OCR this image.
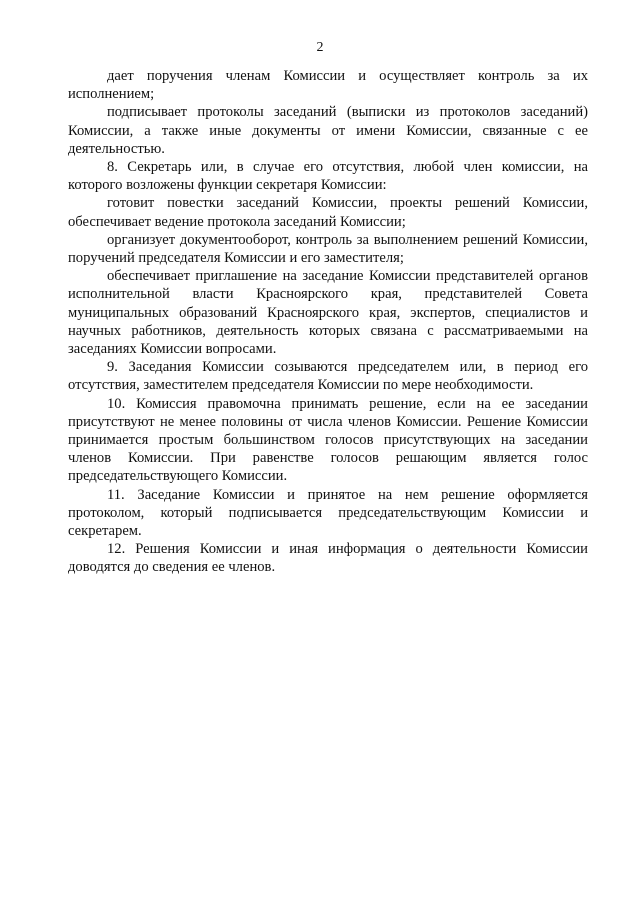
2

дает поручения членам Комиссии и осуществляет контроль за их исполнением;

подписывает протоколы заседаний (выписки из протоколов заседаний) Комиссии, а также иные документы от имени Комиссии, связанные с ее деятельностью.

8. Секретарь или, в случае его отсутствия, любой член комиссии, на которого возложены функции секретаря Комиссии:

готовит повестки заседаний Комиссии, проекты решений Комиссии, обеспечивает ведение протокола заседаний Комиссии;

организует документооборот, контроль за выполнением решений Комиссии, поручений председателя Комиссии и его заместителя;

обеспечивает приглашение на заседание Комиссии представителей органов исполнительной власти Красноярского края, представителей Совета муниципальных образований Красноярского края, экспертов, специалистов и научных работников, деятельность которых связана с рассматриваемыми на заседаниях Комиссии вопросами.

9. Заседания Комиссии созываются председателем или, в период его отсутствия, заместителем председателя Комиссии по мере необходимости.

10. Комиссия правомочна принимать решение, если на ее заседании присутствуют не менее половины от числа членов Комиссии. Решение Комиссии принимается простым большинством голосов присутствующих на заседании членов Комиссии. При равенстве голосов решающим является голос председательствующего Комиссии.

11. Заседание Комиссии и принятое на нем решение оформляется протоколом, который подписывается председательствующим Комиссии и секретарем.

12. Решения Комиссии и иная информация о деятельности Комиссии доводятся до сведения ее членов.
